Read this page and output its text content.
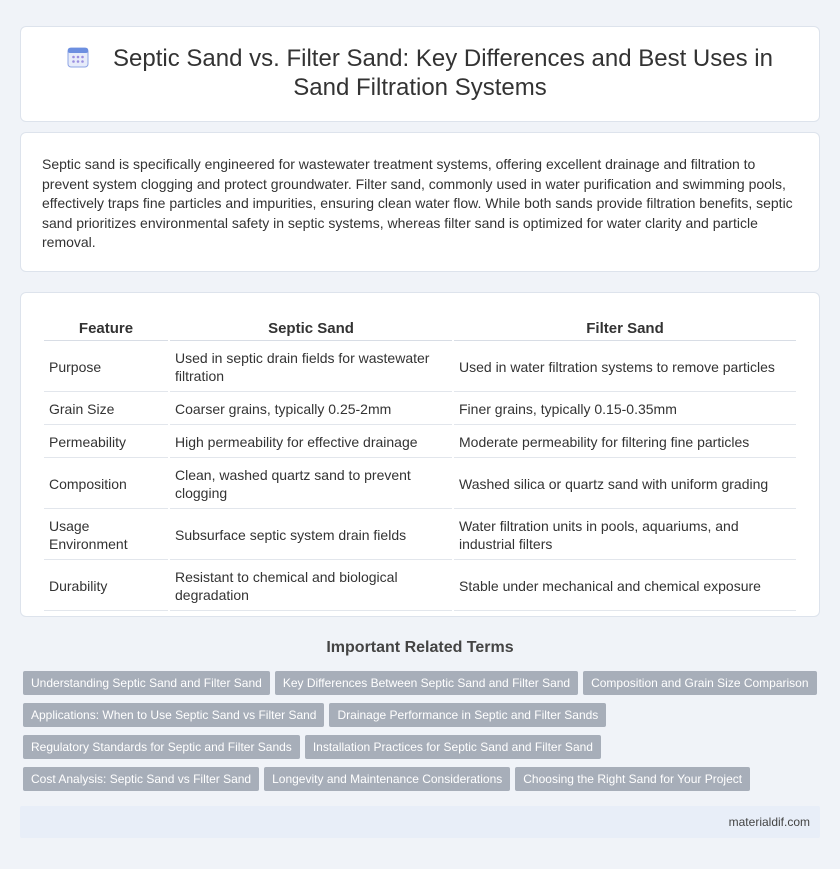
Septic Sand vs. Filter Sand: Key Differences and Best Uses in Sand Filtration Systems

Septic sand is specifically engineered for wastewater treatment systems, offering excellent drainage and filtration to prevent system clogging and protect groundwater. Filter sand, commonly used in water purification and swimming pools, effectively traps fine particles and impurities, ensuring clean water flow. While both sands provide filtration benefits, septic sand prioritizes environmental safety in septic systems, whereas filter sand is optimized for water clarity and particle removal.

Feature	Septic Sand	Filter Sand
Purpose	Used in septic drain fields for wastewater filtration	Used in water filtration systems to remove particles
Grain Size	Coarser grains, typically 0.25-2mm	Finer grains, typically 0.15-0.35mm
Permeability	High permeability for effective drainage	Moderate permeability for filtering fine particles
Composition	Clean, washed quartz sand to prevent clogging	Washed silica or quartz sand with uniform grading
Usage Environment	Subsurface septic system drain fields	Water filtration units in pools, aquariums, and industrial filters
Durability	Resistant to chemical and biological degradation	Stable under mechanical and chemical exposure
Important Related Terms
Understanding Septic Sand and Filter Sand Key Differences Between Septic Sand and Filter Sand Composition and Grain Size Comparison
Applications: When to Use Septic Sand vs Filter Sand Drainage Performance in Septic and Filter Sands
Regulatory Standards for Septic and Filter Sands Installation Practices for Septic Sand and Filter Sand
Cost Analysis: Septic Sand vs Filter Sand Longevity and Maintenance Considerations Choosing the Right Sand for Your Project
materialdif.com
